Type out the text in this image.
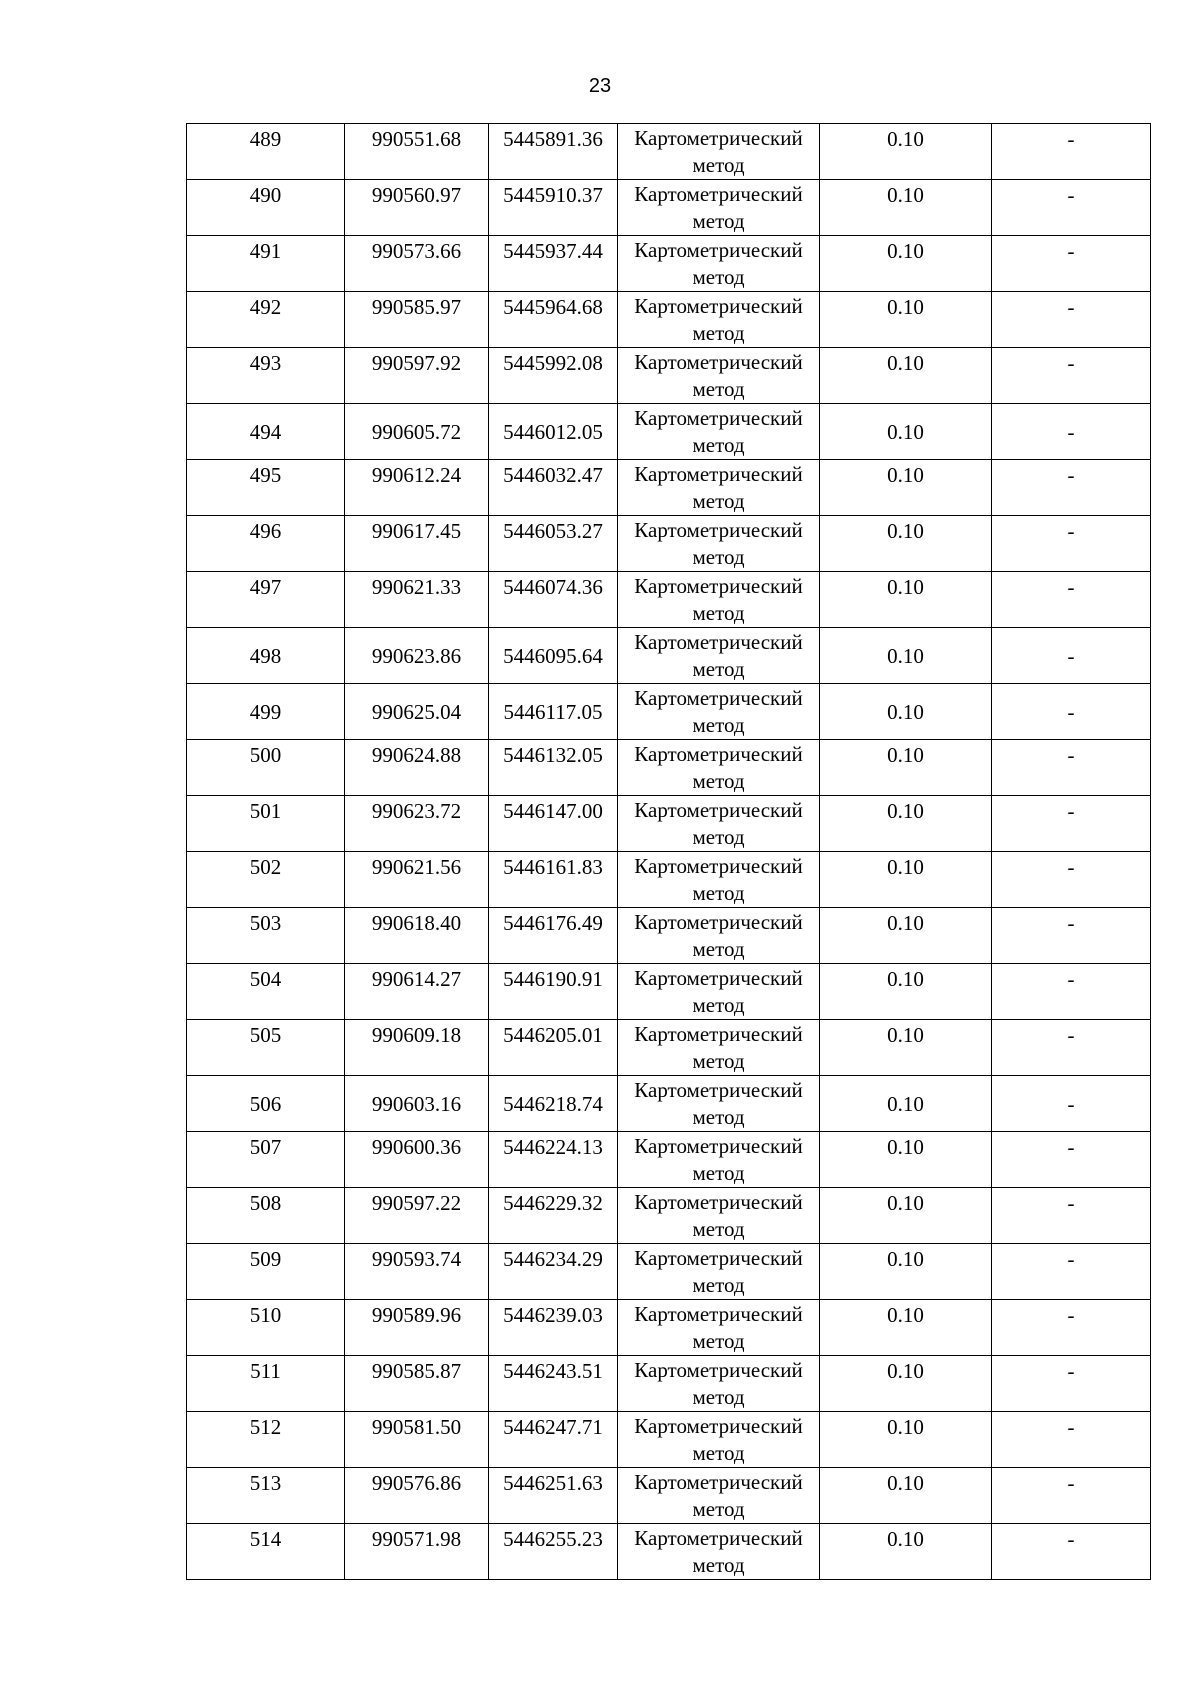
23
489	990551.68	5445891.36	Картометрический метод	0.10	-

490	990560.97	5445910.37	Картометрический метод	0.10	-

491	990573.66	5445937.44	Картометрический метод	0.10	-

492	990585.97	5445964.68	Картометрический метод	0.10	-

493	990597.92	5445992.08	Картометрический метод	0.10	-

494	990605.72	5446012.05	Картометрический метод	0.10	-

495	990612.24	5446032.47	Картометрический метод	0.10	-

496	990617.45	5446053.27	Картометрический метод	0.10	-

497	990621.33	5446074.36	Картометрический метод	0.10	-

498	990623.86	5446095.64	Картометрический метод	0.10	-

499	990625.04	5446117.05	Картометрический метод	0.10	-

500	990624.88	5446132.05	Картометрический метод	0.10	-

501	990623.72	5446147.00	Картометрический метод	0.10	-

502	990621.56	5446161.83	Картометрический метод	0.10	-

503	990618.40	5446176.49	Картометрический метод	0.10	-

504	990614.27	5446190.91	Картометрический метод	0.10	-

505	990609.18	5446205.01	Картометрический метод	0.10	-

506	990603.16	5446218.74	Картометрический метод	0.10	-

507	990600.36	5446224.13	Картометрический метод	0.10	-

508	990597.22	5446229.32	Картометрический метод	0.10	-

509	990593.74	5446234.29	Картометрический метод	0.10	-

510	990589.96	5446239.03	Картометрический метод	0.10	-

511	990585.87	5446243.51	Картометрический метод	0.10	-

512	990581.50	5446247.71	Картометрический метод	0.10	-

513	990576.86	5446251.63	Картометрический метод	0.10	-

514	990571.98	5446255.23	Картометрический метод	0.10	-
